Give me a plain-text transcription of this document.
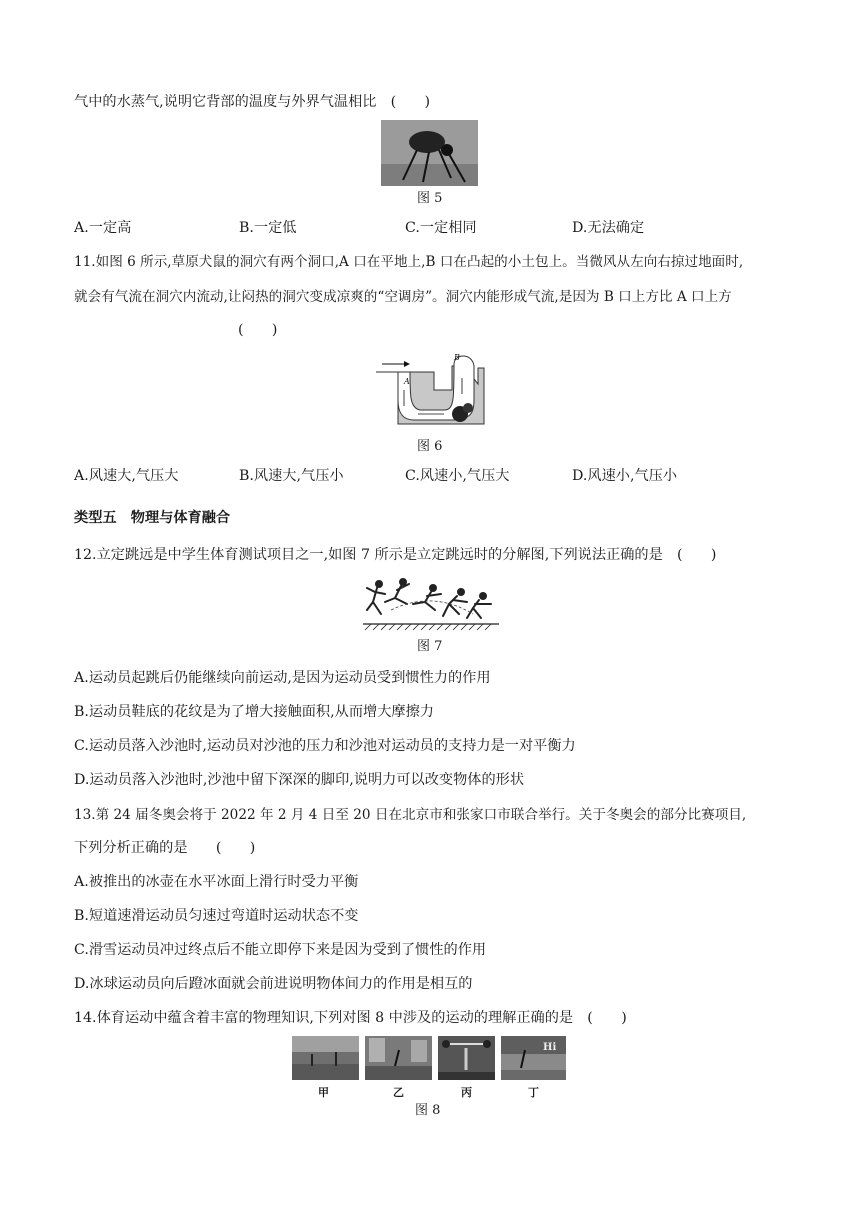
气中的水蒸气,说明它背部的温度与外界气温相比　(　　)
图 5
A.一定高	B.一定低	C.一定相同	D.无法确定
11.如图 6 所示,草原犬鼠的洞穴有两个洞口,A 口在平地上,B 口在凸起的小土包上。当微风从左向右掠过地面时,
就会有气流在洞穴内流动,让闷热的洞穴变成凉爽的“空调房”。洞穴内能形成气流,是因为 B 口上方比 A 口上方
(　　)
A
B
图 6
A.风速大,气压大	B.风速大,气压小	C.风速小,气压大	D.风速小,气压小
类型五　物理与体育融合
12.立定跳远是中学生体育测试项目之一,如图 7 所示是立定跳远时的分解图,下列说法正确的是　(　　)
图 7
A.运动员起跳后仍能继续向前运动,是因为运动员受到惯性力的作用
B.运动员鞋底的花纹是为了增大接触面积,从而增大摩擦力
C.运动员落入沙池时,运动员对沙池的压力和沙池对运动员的支持力是一对平衡力
D.运动员落入沙池时,沙池中留下深深的脚印,说明力可以改变物体的形状
13.第 24 届冬奥会将于 2022 年 2 月 4 日至 20 日在北京市和张家口市联合举行。关于冬奥会的部分比赛项目,
下列分析正确的是　　(　　)
A.被推出的冰壶在水平冰面上滑行时受力平衡
B.短道速滑运动员匀速过弯道时运动状态不变
C.滑雪运动员冲过终点后不能立即停下来是因为受到了惯性的作用
D.冰球运动员向后蹬冰面就会前进说明物体间力的作用是相互的
14.体育运动中蕴含着丰富的物理知识,下列对图 8 中涉及的运动的理解正确的是　(　　)
Hi
甲	乙	丙	丁
图 8
